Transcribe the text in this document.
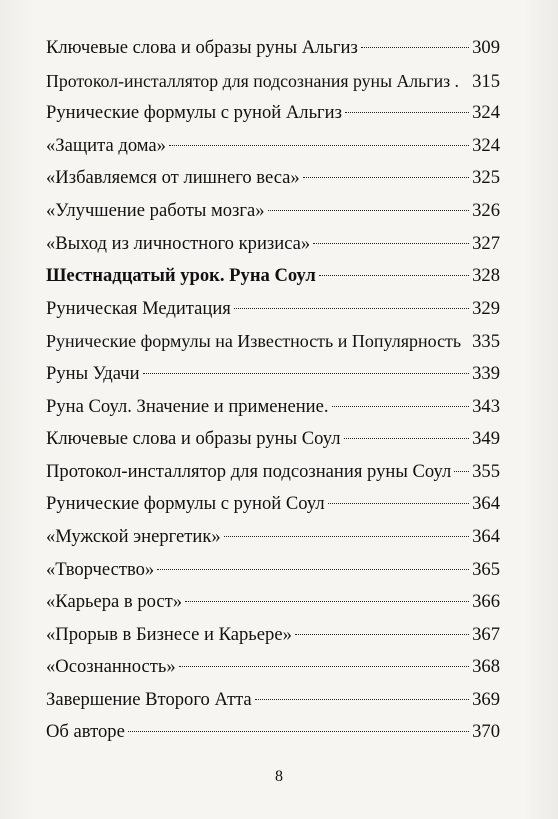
Ключевые слова и образы руны Альгиз	309
Протокол-инсталлятор для подсознания руны Альгиз . 315
Рунические формулы с руной Альгиз	324
«Защита дома»	324
«Избавляемся от лишнего веса»	325
«Улучшение работы мозга»	326
«Выход из личностного кризиса»	327
Шестнадцатый урок. Руна Соул	328
Руническая Медитация	329
Рунические формулы на Известность и Популярность 335
Руны Удачи	339
Руна Соул. Значение и применение.	343
Ключевые слова и образы руны Соул	349
Протокол-инсталлятор для подсознания руны Соул 355
Рунические формулы с руной Соул	364
«Мужской энергетик»	364
«Творчество»	365
«Карьера в рост»	366
«Прорыв в Бизнесе и Карьере»	367
«Осознанность»	368
Завершение Второго Атта	369
Об авторе	370
8
